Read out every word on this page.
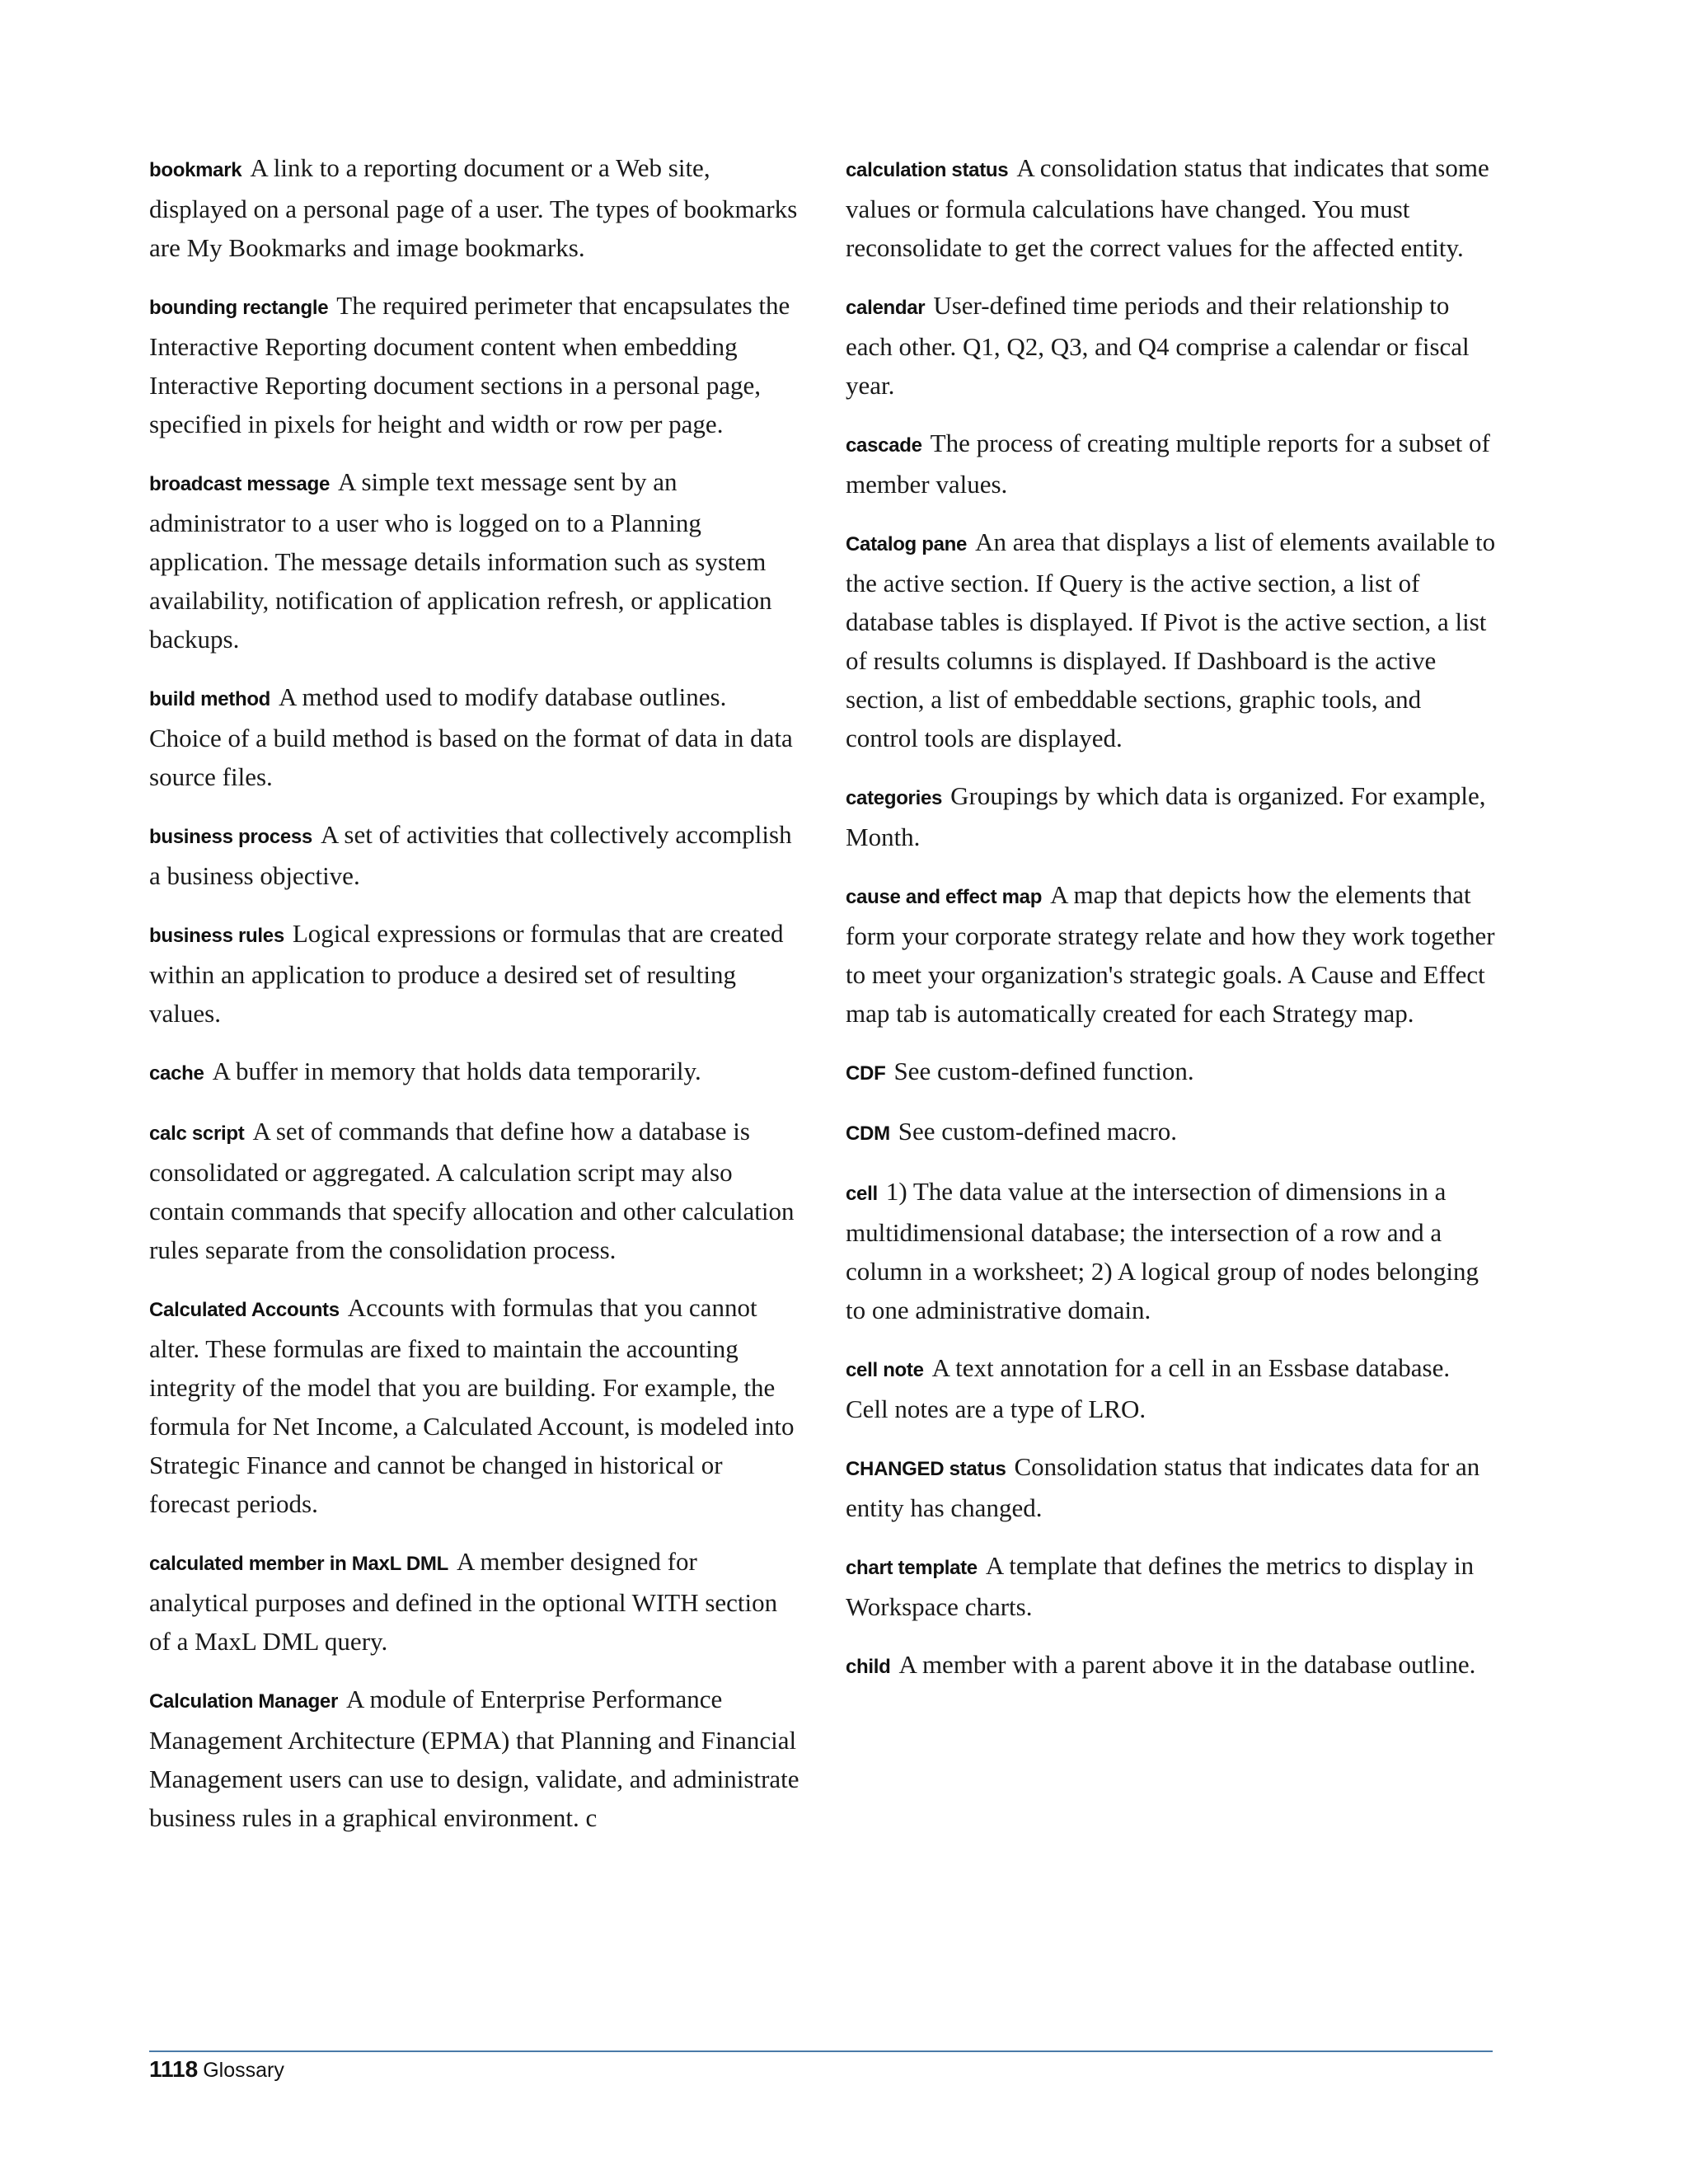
bookmark A link to a reporting document or a Web site, displayed on a personal page of a user. The types of bookmarks are My Bookmarks and image bookmarks.

bounding rectangle The required perimeter that encapsulates the Interactive Reporting document content when embedding Interactive Reporting document sections in a personal page, specified in pixels for height and width or row per page.

broadcast message A simple text message sent by an administrator to a user who is logged on to a Planning application. The message details information such as system availability, notification of application refresh, or application backups.

build method A method used to modify database outlines. Choice of a build method is based on the format of data in data source files.

business process A set of activities that collectively accomplish a business objective.

business rules Logical expressions or formulas that are created within an application to produce a desired set of resulting values.

cache A buffer in memory that holds data temporarily.

calc script A set of commands that define how a database is consolidated or aggregated. A calculation script may also contain commands that specify allocation and other calculation rules separate from the consolidation process.

Calculated Accounts Accounts with formulas that you cannot alter. These formulas are fixed to maintain the accounting integrity of the model that you are building. For example, the formula for Net Income, a Calculated Account, is modeled into Strategic Finance and cannot be changed in historical or forecast periods.

calculated member in MaxL DML A member designed for analytical purposes and defined in the optional WITH section of a MaxL DML query.

Calculation Manager A module of Enterprise Performance Management Architecture (EPMA) that Planning and Financial Management users can use to design, validate, and administrate business rules in a graphical environment. c

calculation status A consolidation status that indicates that some values or formula calculations have changed. You must reconsolidate to get the correct values for the affected entity.

calendar User-defined time periods and their relationship to each other. Q1, Q2, Q3, and Q4 comprise a calendar or fiscal year.

cascade The process of creating multiple reports for a subset of member values.

Catalog pane An area that displays a list of elements available to the active section. If Query is the active section, a list of database tables is displayed. If Pivot is the active section, a list of results columns is displayed. If Dashboard is the active section, a list of embeddable sections, graphic tools, and control tools are displayed.

categories Groupings by which data is organized. For example, Month.

cause and effect map A map that depicts how the elements that form your corporate strategy relate and how they work together to meet your organization's strategic goals. A Cause and Effect map tab is automatically created for each Strategy map.

CDF See custom-defined function.

CDM See custom-defined macro.

cell 1) The data value at the intersection of dimensions in a multidimensional database; the intersection of a row and a column in a worksheet; 2) A logical group of nodes belonging to one administrative domain.

cell note A text annotation for a cell in an Essbase database. Cell notes are a type of LRO.

CHANGED status Consolidation status that indicates data for an entity has changed.

chart template A template that defines the metrics to display in Workspace charts.

child A member with a parent above it in the database outline.

1118 Glossary
